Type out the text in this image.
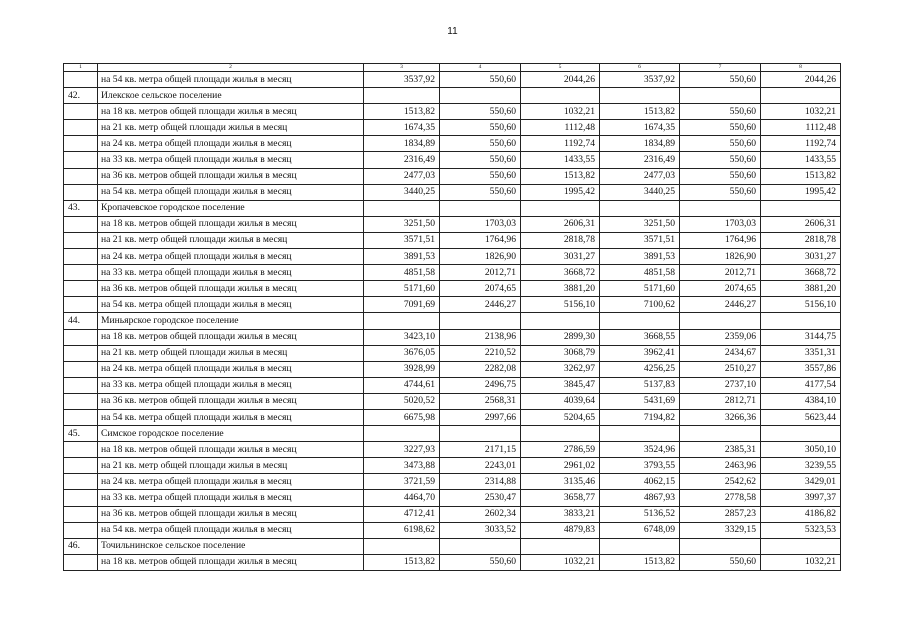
11
1	2	3	4	5	6	7	8
	на 54 кв. метра общей площади жилья в месяц	3537,92	550,60	2044,26	3537,92	550,60	2044,26
42.	Илекское сельское поселение						
	на 18 кв. метров общей площади жилья в месяц	1513,82	550,60	1032,21	1513,82	550,60	1032,21
	на 21 кв. метр общей площади жилья в месяц	1674,35	550,60	1112,48	1674,35	550,60	1112,48
	на 24 кв. метра общей площади жилья в месяц	1834,89	550,60	1192,74	1834,89	550,60	1192,74
	на 33 кв. метра общей площади жилья в месяц	2316,49	550,60	1433,55	2316,49	550,60	1433,55
	на 36 кв. метров общей площади жилья в месяц	2477,03	550,60	1513,82	2477,03	550,60	1513,82
	на 54 кв. метра общей площади жилья в месяц	3440,25	550,60	1995,42	3440,25	550,60	1995,42
43.	Кропачевское городское поселение						
	на 18 кв. метров общей площади жилья в месяц	3251,50	1703,03	2606,31	3251,50	1703,03	2606,31
	на 21 кв. метр общей площади жилья в месяц	3571,51	1764,96	2818,78	3571,51	1764,96	2818,78
	на 24 кв. метра общей площади жилья в месяц	3891,53	1826,90	3031,27	3891,53	1826,90	3031,27
	на 33 кв. метра общей площади жилья в месяц	4851,58	2012,71	3668,72	4851,58	2012,71	3668,72
	на 36 кв. метров общей площади жилья в месяц	5171,60	2074,65	3881,20	5171,60	2074,65	3881,20
	на 54 кв. метра общей площади жилья в месяц	7091,69	2446,27	5156,10	7100,62	2446,27	5156,10
44.	Миньярское городское поселение						
	на 18 кв. метров общей площади жилья в месяц	3423,10	2138,96	2899,30	3668,55	2359,06	3144,75
	на 21 кв. метр общей площади жилья в месяц	3676,05	2210,52	3068,79	3962,41	2434,67	3351,31
	на 24 кв. метра общей площади жилья в месяц	3928,99	2282,08	3262,97	4256,25	2510,27	3557,86
	на 33 кв. метра общей площади жилья в месяц	4744,61	2496,75	3845,47	5137,83	2737,10	4177,54
	на 36 кв. метров общей площади жилья в месяц	5020,52	2568,31	4039,64	5431,69	2812,71	4384,10
	на 54 кв. метра общей площади жилья в месяц	6675,98	2997,66	5204,65	7194,82	3266,36	5623,44
45.	Симское городское поселение						
	на 18 кв. метров общей площади жилья в месяц	3227,93	2171,15	2786,59	3524,96	2385,31	3050,10
	на 21 кв. метр общей площади жилья в месяц	3473,88	2243,01	2961,02	3793,55	2463,96	3239,55
	на 24 кв. метра общей площади жилья в месяц	3721,59	2314,88	3135,46	4062,15	2542,62	3429,01
	на 33 кв. метра общей площади жилья в месяц	4464,70	2530,47	3658,77	4867,93	2778,58	3997,37
	на 36 кв. метров общей площади жилья в месяц	4712,41	2602,34	3833,21	5136,52	2857,23	4186,82
	на 54 кв. метра общей площади жилья в месяц	6198,62	3033,52	4879,83	6748,09	3329,15	5323,53
46.	Точильнинское сельское поселение						
	на 18 кв. метров общей площади жилья в месяц	1513,82	550,60	1032,21	1513,82	550,60	1032,21
